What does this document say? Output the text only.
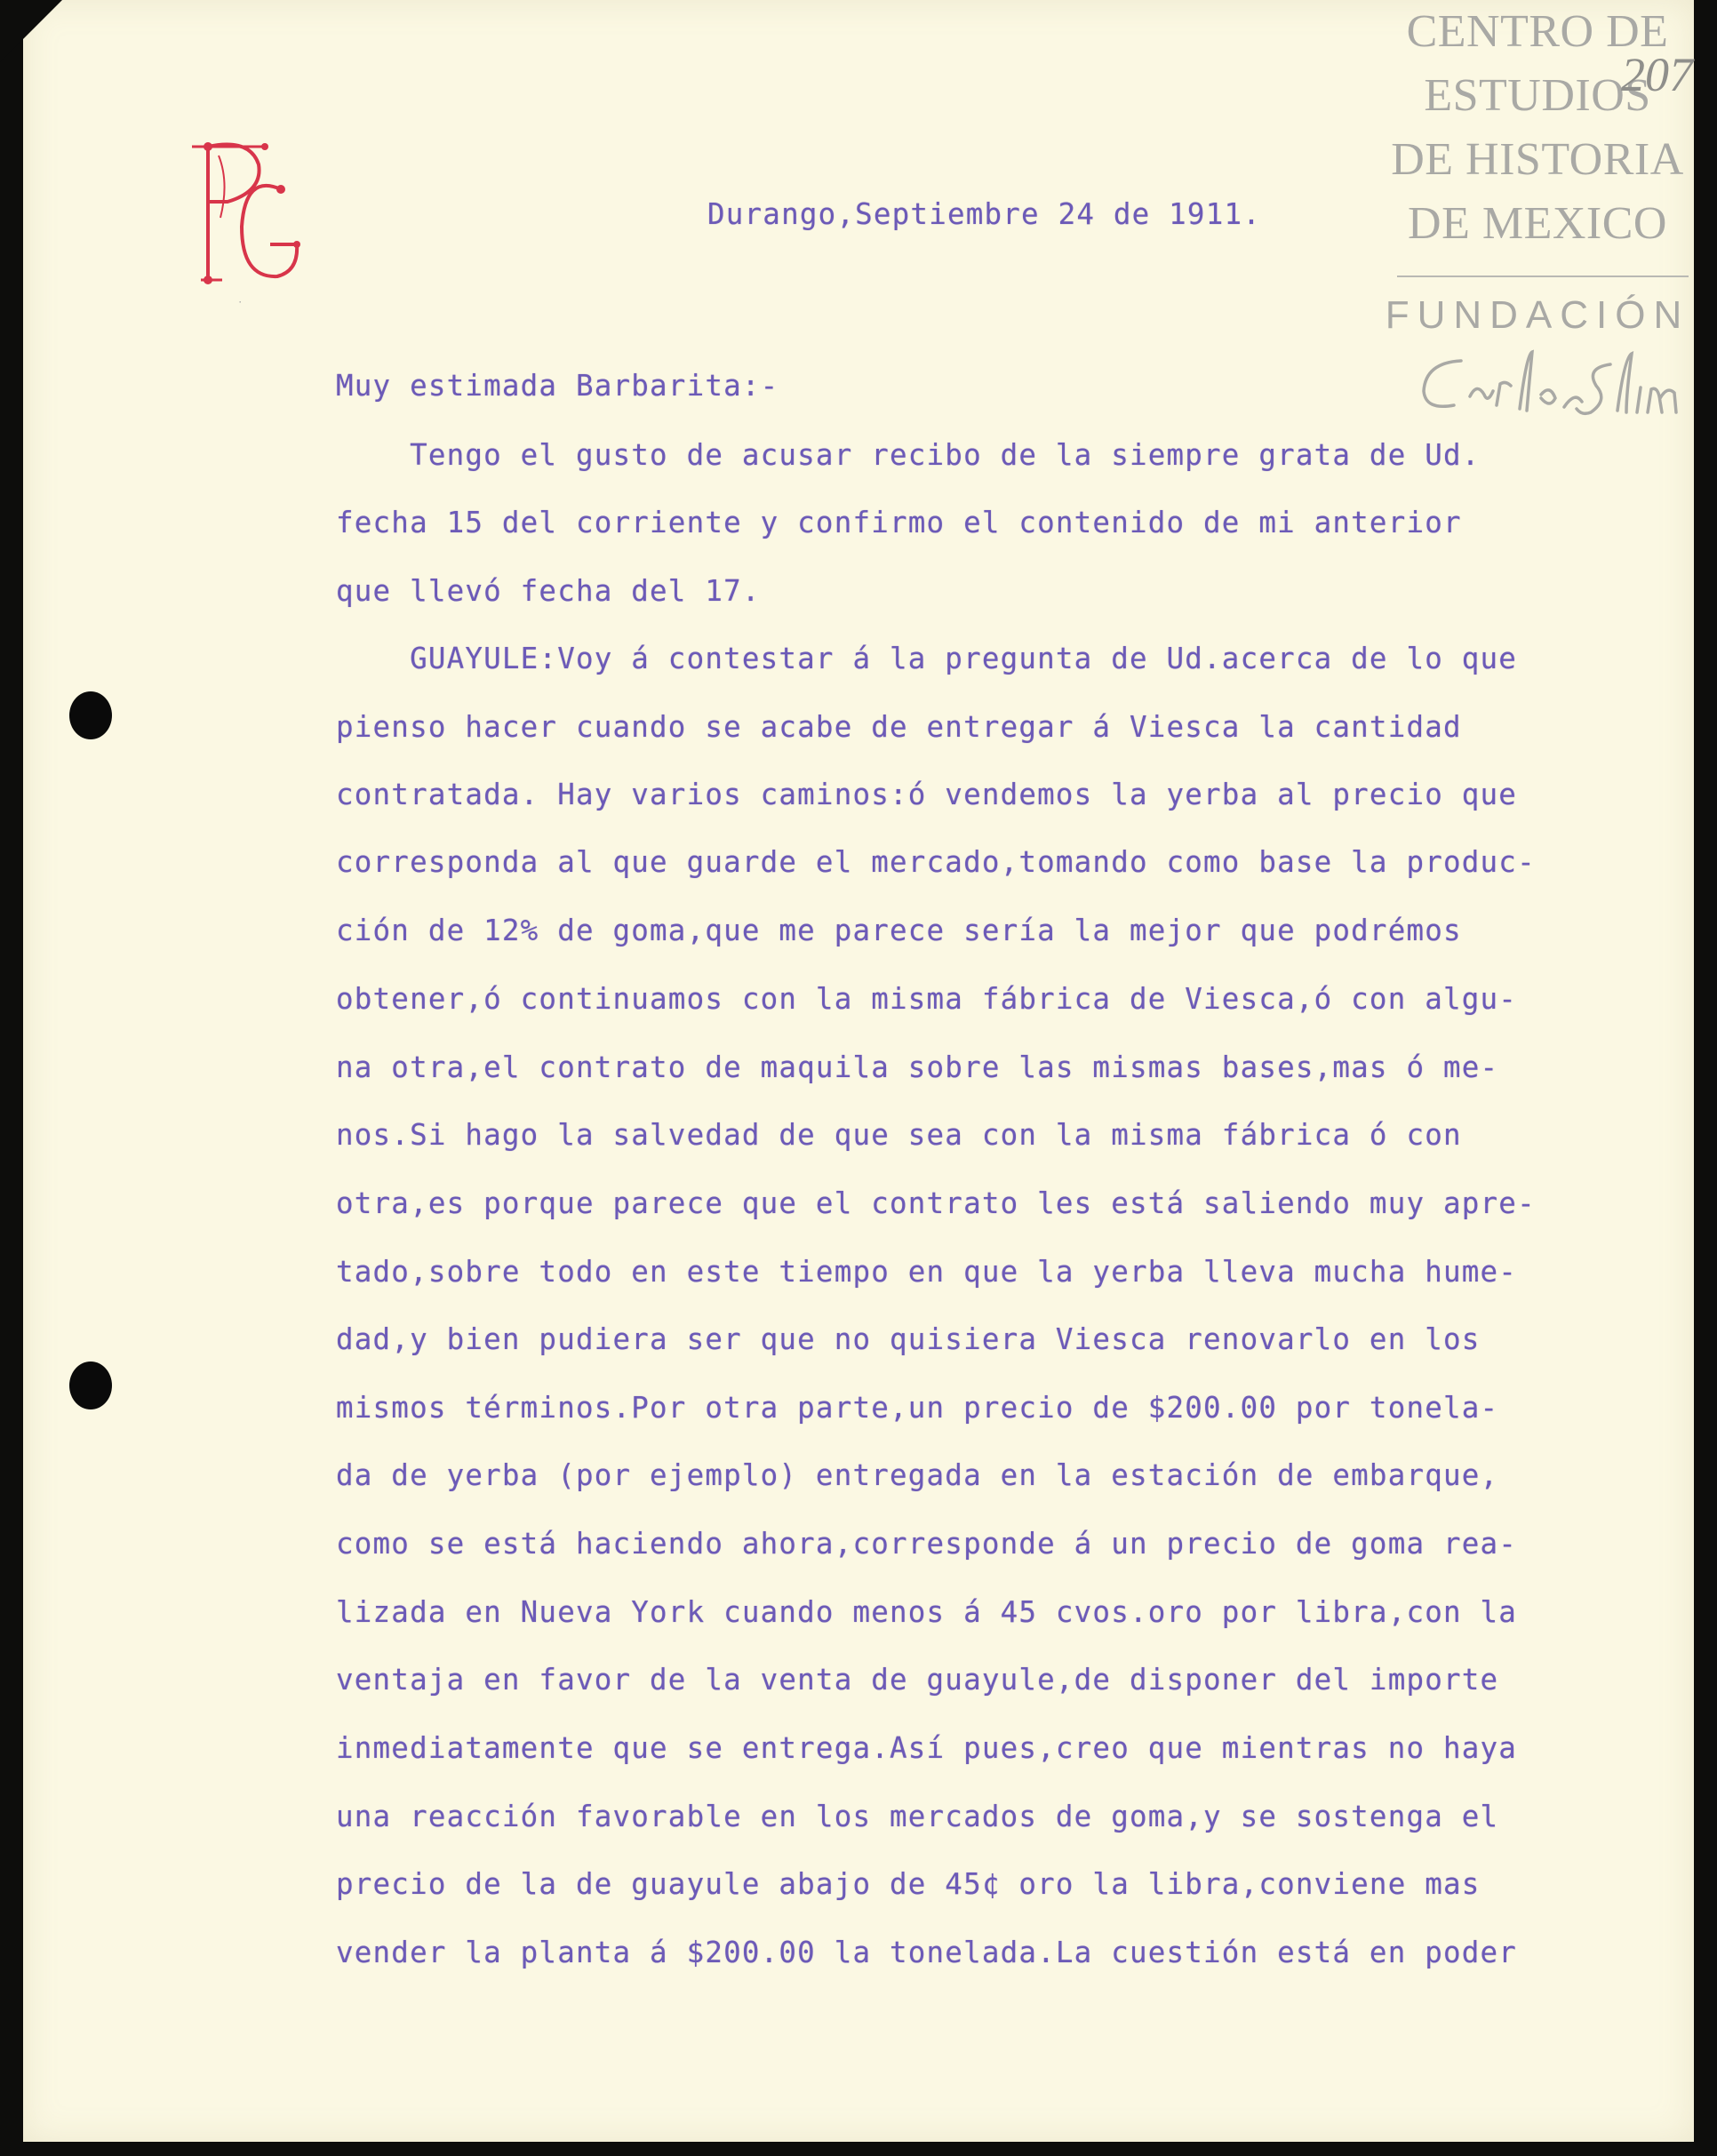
˙
CENTRO DE
ESTUDIOS
DE HISTORIA
DE MEXICO
FUNDACIÓN
207
Durango,Septiembre 24 de 1911.
Muy estimada Barbarita:-
Tengo el gusto de acusar recibo de la siempre grata de Ud.
fecha 15 del corriente y confirmo el contenido de mi anterior
que llevó fecha del 17.
GUAYULE:Voy á contestar á la pregunta de Ud.acerca de lo que
pienso hacer cuando se acabe de entregar á Viesca la cantidad
contratada. Hay varios caminos:ó vendemos la yerba al precio que
corresponda al que guarde el mercado,tomando como base la produc-
ción de 12% de goma,que me parece sería la mejor que podrémos
obtener,ó continuamos con la misma fábrica de Viesca,ó con algu-
na otra,el contrato de maquila sobre las mismas bases,mas ó me-
nos.Si hago la salvedad de que sea con la misma fábrica ó con
otra,es porque parece que el contrato les está saliendo muy apre-
tado,sobre todo en este tiempo en que la yerba lleva mucha hume-
dad,y bien pudiera ser que no quisiera Viesca renovarlo en los
mismos términos.Por otra parte,un precio de $200.00 por tonela-
da de yerba (por ejemplo) entregada en la estación de embarque,
como se está haciendo ahora,corresponde á un precio de goma rea-
lizada en Nueva York cuando menos á 45 cvos.oro por libra,con la
ventaja en favor de la venta de guayule,de disponer del importe
inmediatamente que se entrega.Así pues,creo que mientras no haya
una reacción favorable en los mercados de goma,y se sostenga el
precio de la de guayule abajo de 45¢ oro la libra,conviene mas
vender la planta á $200.00 la tonelada.La cuestión está en poder
